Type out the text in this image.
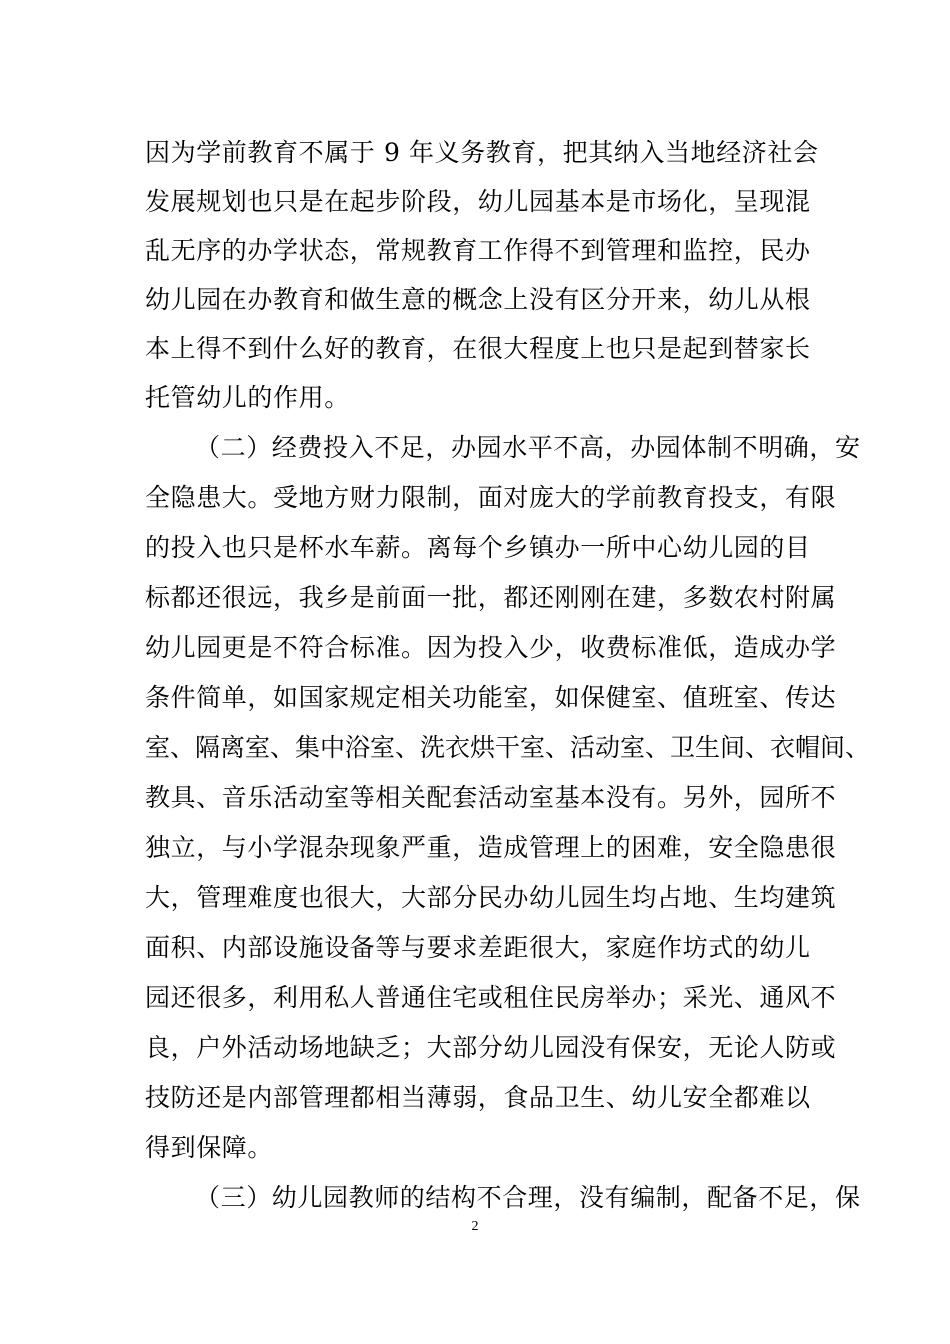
因为学前教育不属于 9 年义务教育，把其纳入当地经济社会
发展规划也只是在起步阶段，幼儿园基本是市场化，呈现混
乱无序的办学状态，常规教育工作得不到管理和监控，民办
幼儿园在办教育和做生意的概念上没有区分开来，幼儿从根
本上得不到什么好的教育，在很大程度上也只是起到替家长
托管幼儿的作用。
（二）经费投入不足，办园水平不高，办园体制不明确，安
全隐患大。受地方财力限制，面对庞大的学前教育投支，有限
的投入也只是杯水车薪。离每个乡镇办一所中心幼儿园的目
标都还很远，我乡是前面一批，都还刚刚在建，多数农村附属
幼儿园更是不符合标准。因为投入少，收费标准低，造成办学
条件简单，如国家规定相关功能室，如保健室、值班室、传达
室、隔离室、集中浴室、洗衣烘干室、活动室、卫生间、衣帽间、
教具、音乐活动室等相关配套活动室基本没有。另外，园所不
独立，与小学混杂现象严重，造成管理上的困难，安全隐患很
大，管理难度也很大，大部分民办幼儿园生均占地、生均建筑
面积、内部设施设备等与要求差距很大，家庭作坊式的幼儿
园还很多，利用私人普通住宅或租住民房举办；采光、通风不
良，户外活动场地缺乏；大部分幼儿园没有保安，无论人防或
技防还是内部管理都相当薄弱，食品卫生、幼儿安全都难以
得到保障。
（三）幼儿园教师的结构不合理，没有编制，配备不足，保
2
